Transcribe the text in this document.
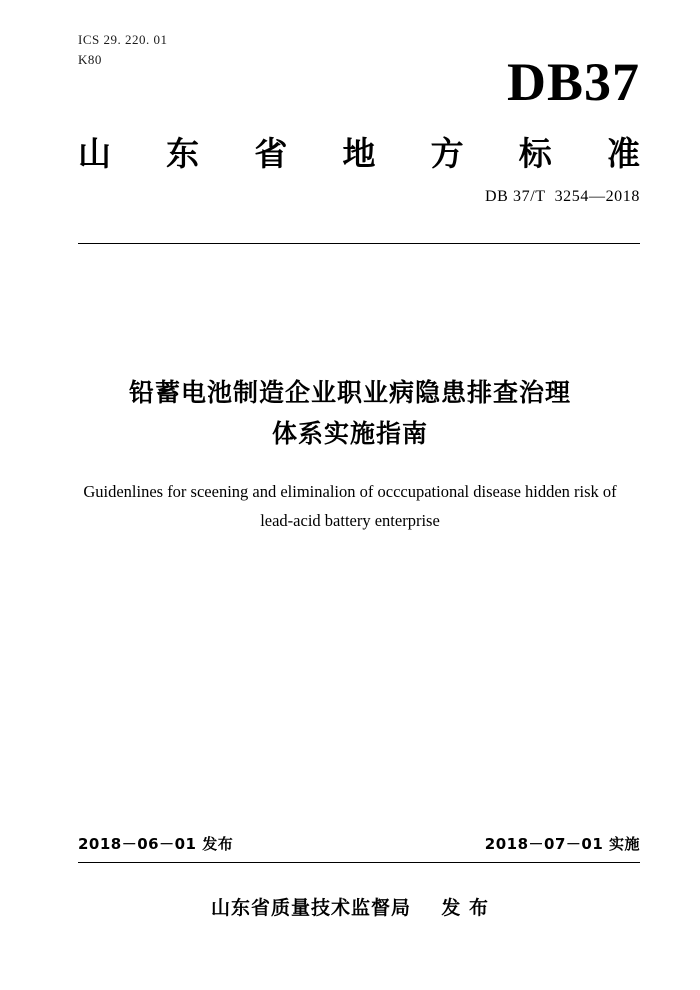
ICS 29. 220. 01
K80	DB37
山 东 省 地 方 标 准
DB 37/T  3254—2018
铅蓄电池制造企业职业病隐患排查治理
体系实施指南
Guidenlines for sceening and eliminalion of occcupational disease hidden risk of
lead-acid battery enterprise
2018－06－01 发布	2018－07－01 实施
山东省质量技术监督局    发 布
